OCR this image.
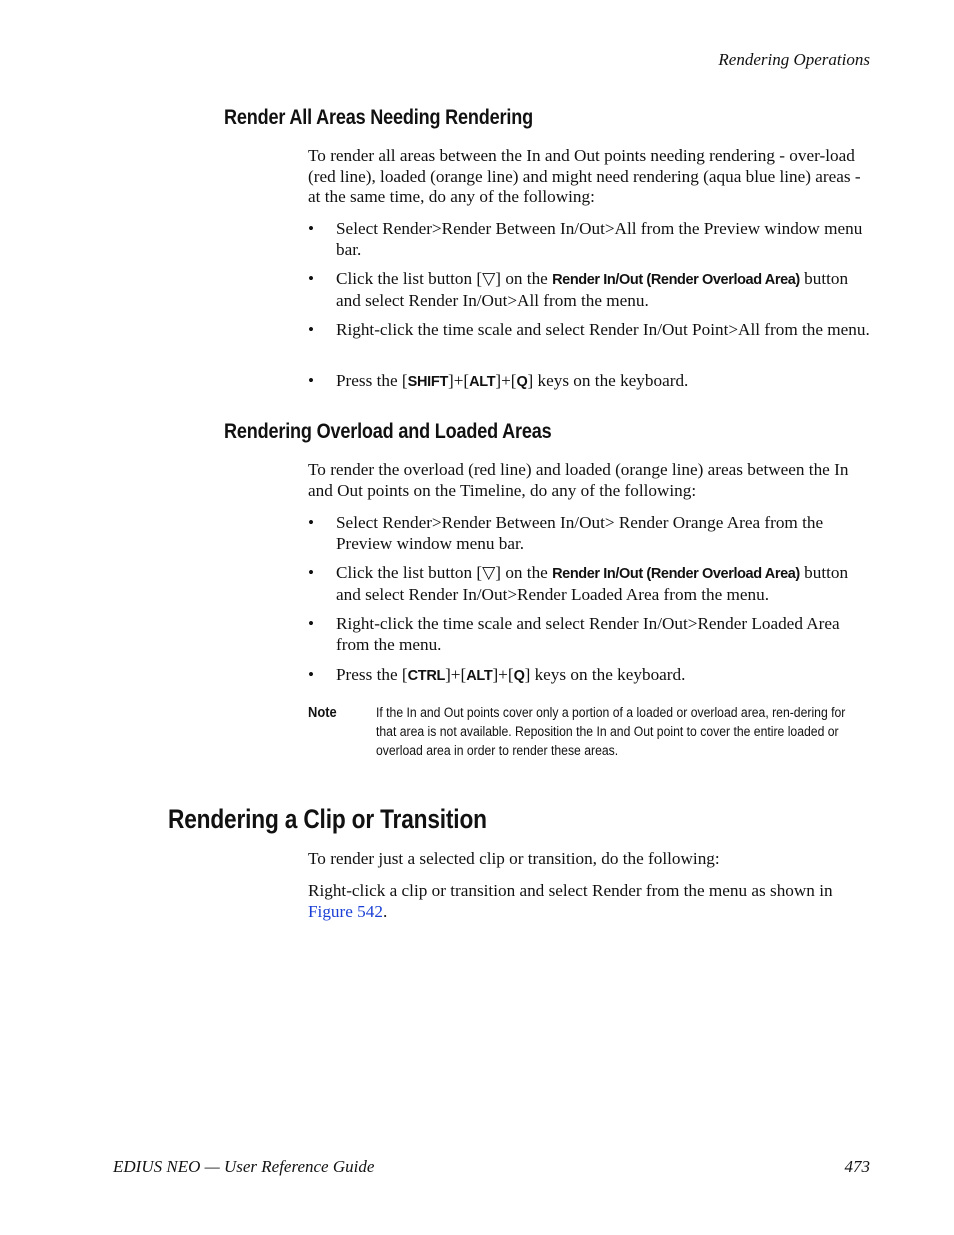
Rendering Operations
Render All Areas Needing Rendering

To render all areas between the In and Out points needing rendering - over-load (red line), loaded (orange line) and might need rendering (aqua blue line) areas - at the same time, do any of the following:

•	Select Render>Render Between In/Out>All from the Preview window menu bar.
•	Click the list button [▽] on the Render In/Out (Render Overload Area) button and select Render In/Out>All from the menu.
•	Right-click the time scale and select Render In/Out Point>All from the menu.
•	Press the [SHIFT]+[ALT]+[Q] keys on the keyboard.
Rendering Overload and Loaded Areas

To render the overload (red line) and loaded (orange line) areas between the In and Out points on the Timeline, do any of the following:

•	Select Render>Render Between In/Out> Render Orange Area from the Preview window menu bar.
•	Click the list button [▽] on the Render In/Out (Render Overload Area) button and select Render In/Out>Render Loaded Area from the menu.
•	Right-click the time scale and select Render In/Out>Render Loaded Area from the menu.
•	Press the [CTRL]+[ALT]+[Q] keys on the keyboard.
Note	If the In and Out points cover only a portion of a loaded or overload area, ren-dering for that area is not available. Reposition the In and Out point to cover the entire loaded or overload area in order to render these areas.
Rendering a Clip or Transition

To render just a selected clip or transition, do the following:

Right-click a clip or transition and select Render from the menu as shown in Figure 542.

EDIUS NEO — User Reference Guide	473
